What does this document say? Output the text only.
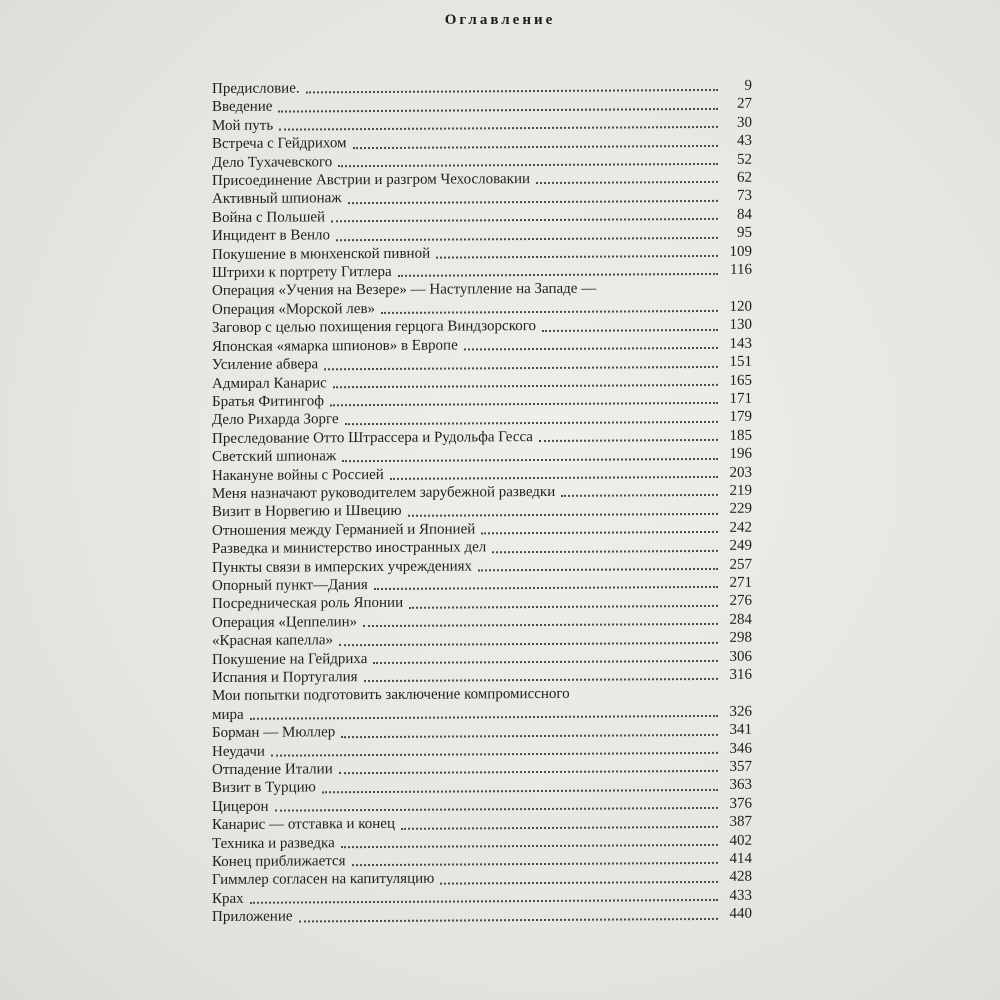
Оглавление
Предисловие.	9
Введение	27
Мой путь	30
Встреча с Гейдрихом	43
Дело Тухачевского	52
Присоединение Австрии и разгром Чехословакии	62
Активный шпионаж	73
Война с Польшей	84
Инцидент в Венло	95
Покушение в мюнхенской пивной	109
Штрихи к портрету Гитлера	116
Операция «Учения на Везере» — Наступление на Западе —
Операция «Морской лев»	120
Заговор с целью похищения герцога Виндзорского	130
Японская «ямарка шпионов» в Европе	143
Усиление абвера	151
Адмирал Канарис	165
Братья Фитингоф	171
Дело Рихарда Зорге	179
Преследование Отто Штрассера и Рудольфа Гесса	185
Светский шпионаж	196
Накануне войны с Россией	203
Меня назначают руководителем зарубежной разведки	219
Визит в Норвегию и Швецию	229
Отношения между Германией и Японией	242
Разведка и министерство иностранных дел	249
Пункты связи в имперских учреждениях	257
Опорный пункт—Дания	271
Посредническая роль Японии	276
Операция «Цеппелин»	284
«Красная капелла»	298
Покушение на Гейдриха	306
Испания и Португалия	316
Мои попытки подготовить заключение компромиссного
мира	326
Борман — Мюллер	341
Неудачи	346
Отпадение Италии	357
Визит в Турцию	363
Цицерон	376
Канарис — отставка и конец	387
Техника и разведка	402
Конец приближается	414
Гиммлер согласен на капитуляцию	428
Крах	433
Приложение	440
